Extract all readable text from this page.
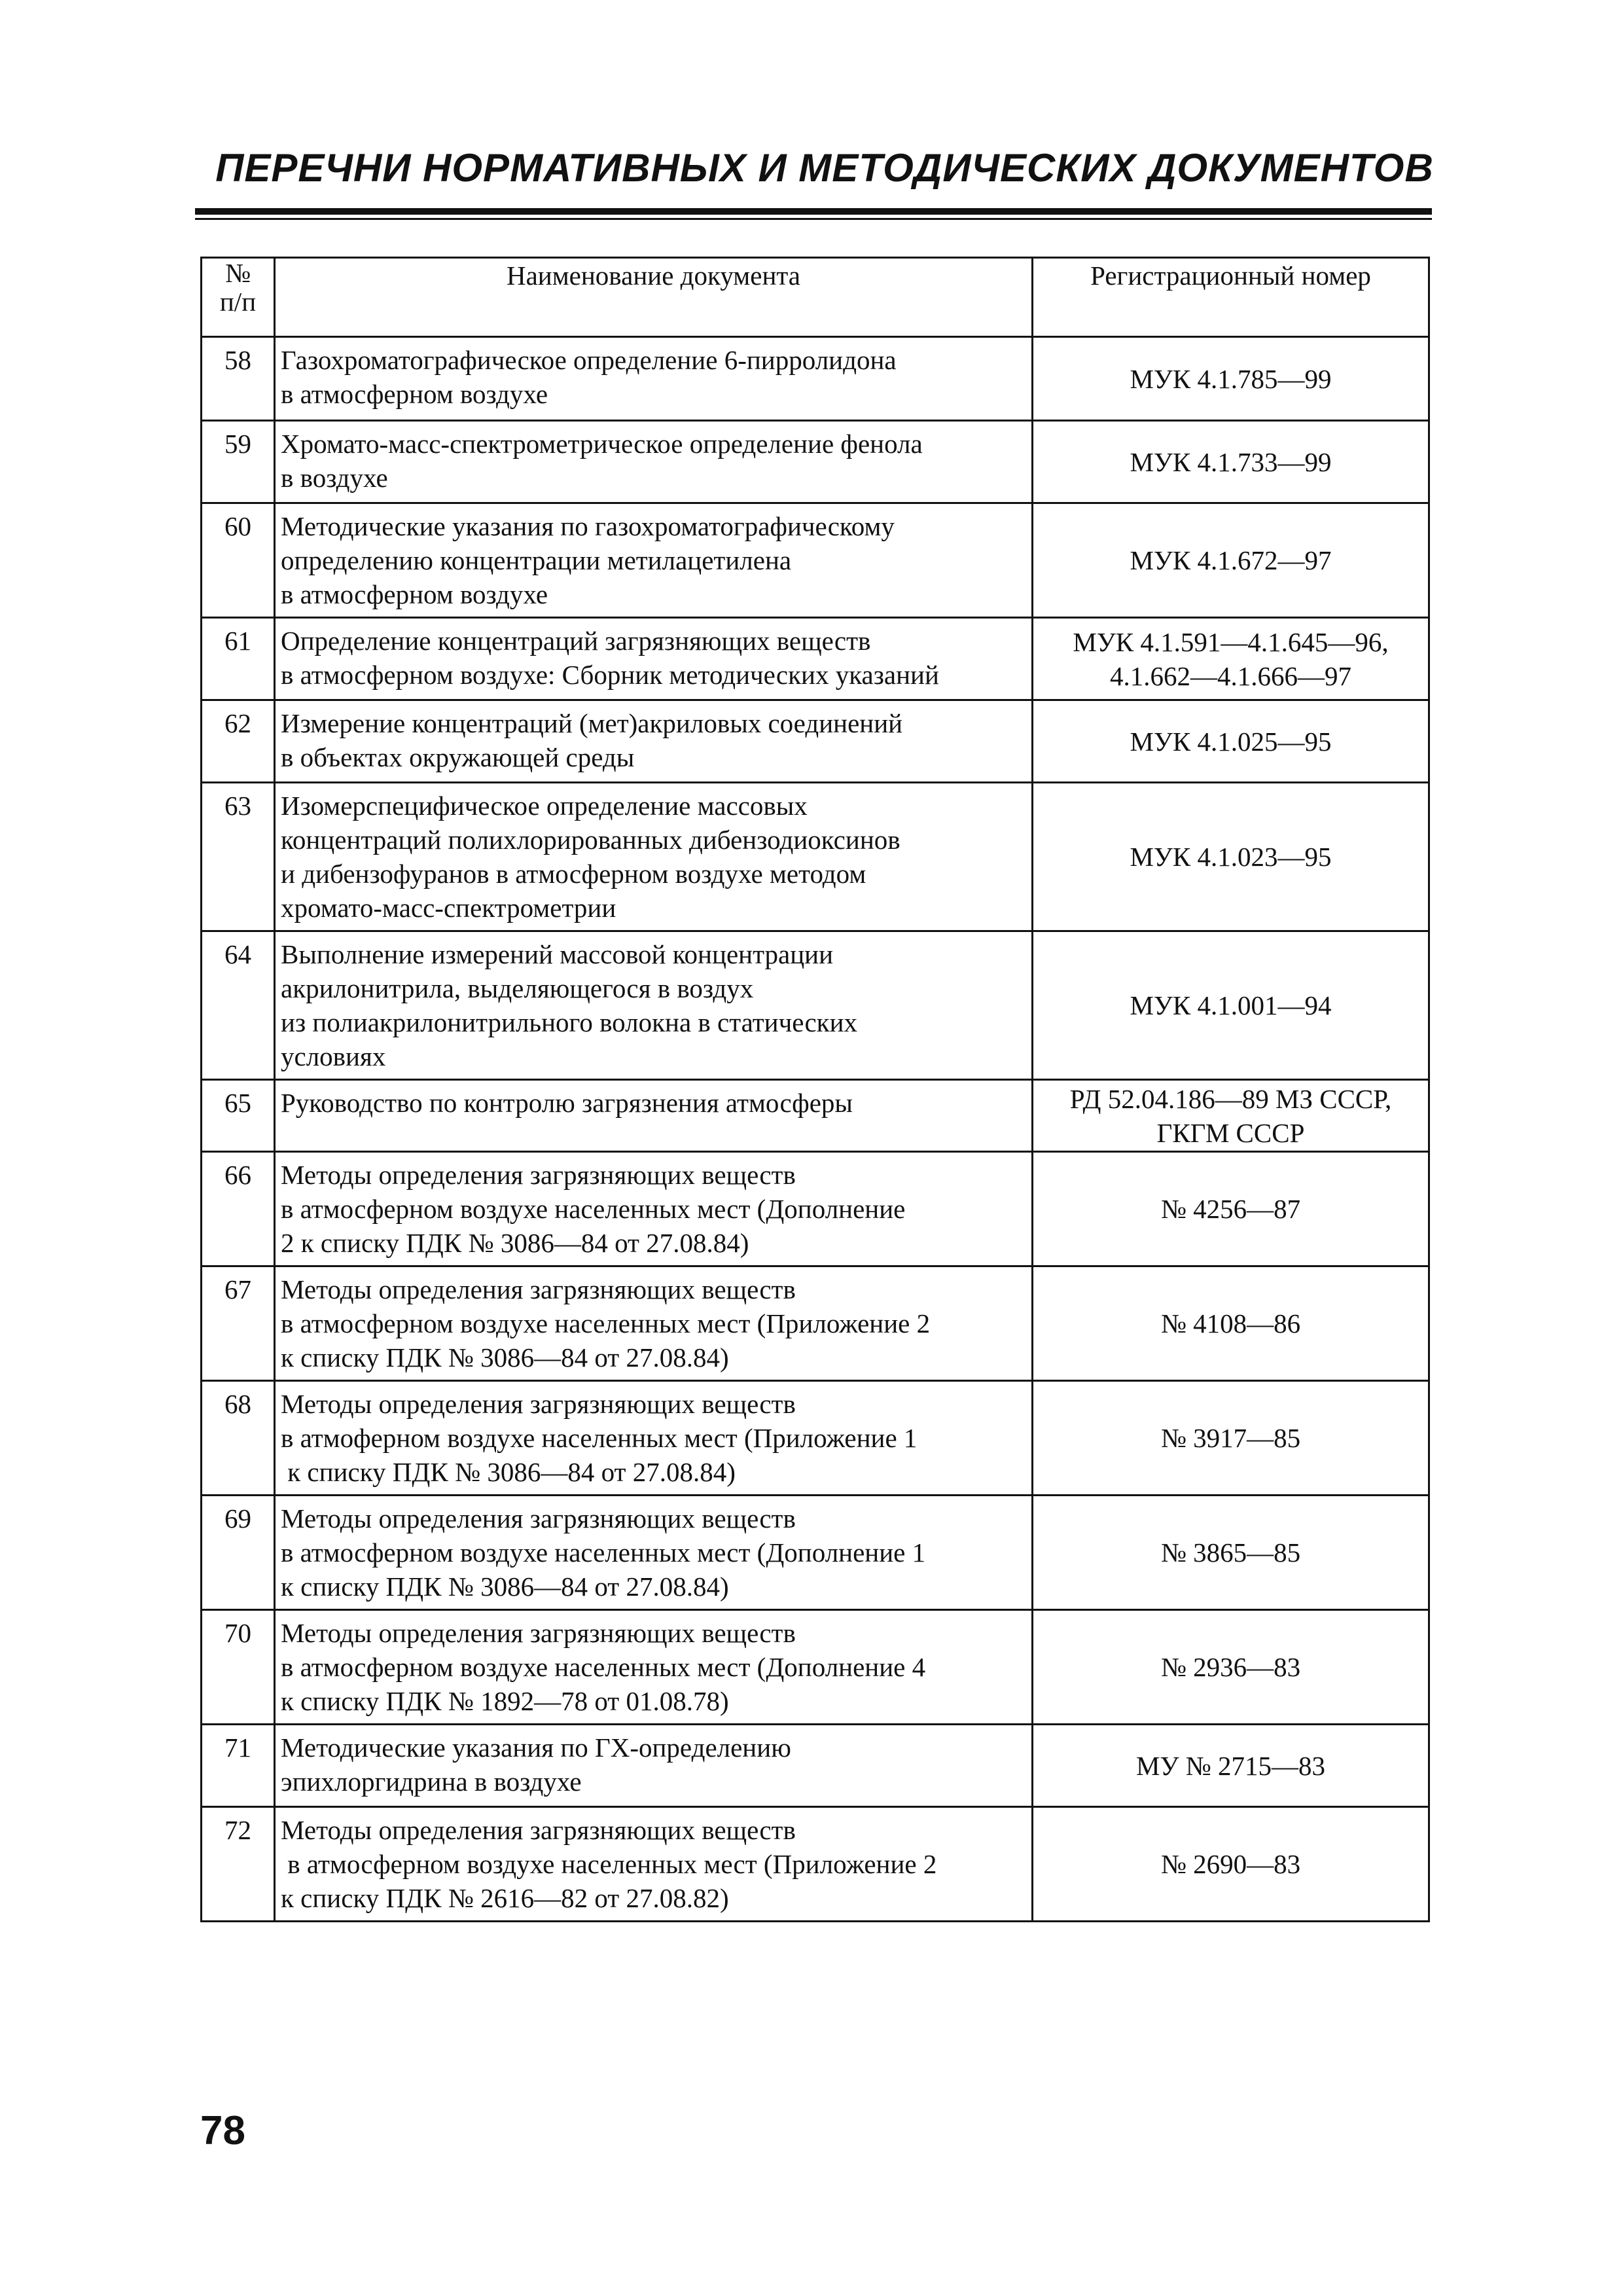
ПЕРЕЧНИ НОРМАТИВНЫХ И МЕТОДИЧЕСКИХ ДОКУМЕНТОВ
№
п/п	Наименование документа	Регистрационный номер
58	Газохроматографическое определение 6-пирролидона
в атмосферном воздухе	МУК 4.1.785—99

59	Хромато-масс-спектрометрическое определение фенола
в воздухе	МУК 4.1.733—99

60	Методические указания по газохроматографическому
определению концентрации метилацетилена
в атмосферном воздухе	МУК 4.1.672—97

61	Определение концентраций загрязняющих веществ
в атмосферном воздухе: Сборник методических указаний	МУК 4.1.591—4.1.645—96,
4.1.662—4.1.666—97

62	Измерение концентраций (мет)акриловых соединений
в объектах окружающей среды	МУК 4.1.025—95

63	Изомерспецифическое определение массовых
концентраций полихлорированных дибензодиоксинов
и дибензофуранов в атмосферном воздухе методом
хромато-масс-спектрометрии	МУК 4.1.023—95

64	Выполнение измерений массовой концентрации
акрилонитрила, выделяющегося в воздух
из полиакрилонитрильного волокна в статических
условиях	МУК 4.1.001—94

65	Руководство по контролю загрязнения атмосферы	РД 52.04.186—89 МЗ СССР,
ГКГМ СССР

66	Методы определения загрязняющих веществ
в атмосферном воздухе населенных мест (Дополнение
2 к списку ПДК № 3086—84 от 27.08.84)	№ 4256—87

67	Методы определения загрязняющих веществ
в атмосферном воздухе населенных мест (Приложение 2
к списку ПДК № 3086—84 от 27.08.84)	№ 4108—86

68	Методы определения загрязняющих веществ
в атмоферном воздухе населенных мест (Приложение 1
к списку ПДК № 3086—84 от 27.08.84)	№ 3917—85

69	Методы определения загрязняющих веществ
в атмосферном воздухе населенных мест (Дополнение 1
к списку ПДК № 3086—84 от 27.08.84)	№ 3865—85

70	Методы определения загрязняющих веществ
в атмосферном воздухе населенных мест (Дополнение 4
к списку ПДК № 1892—78 от 01.08.78)	№ 2936—83

71	Методические указания по ГХ-определению
эпихлоргидрина в воздухе	МУ № 2715—83

72	Методы определения загрязняющих веществ
в атмосферном воздухе населенных мест (Приложение 2
к списку ПДК № 2616—82 от 27.08.82)	№ 2690—83
78
